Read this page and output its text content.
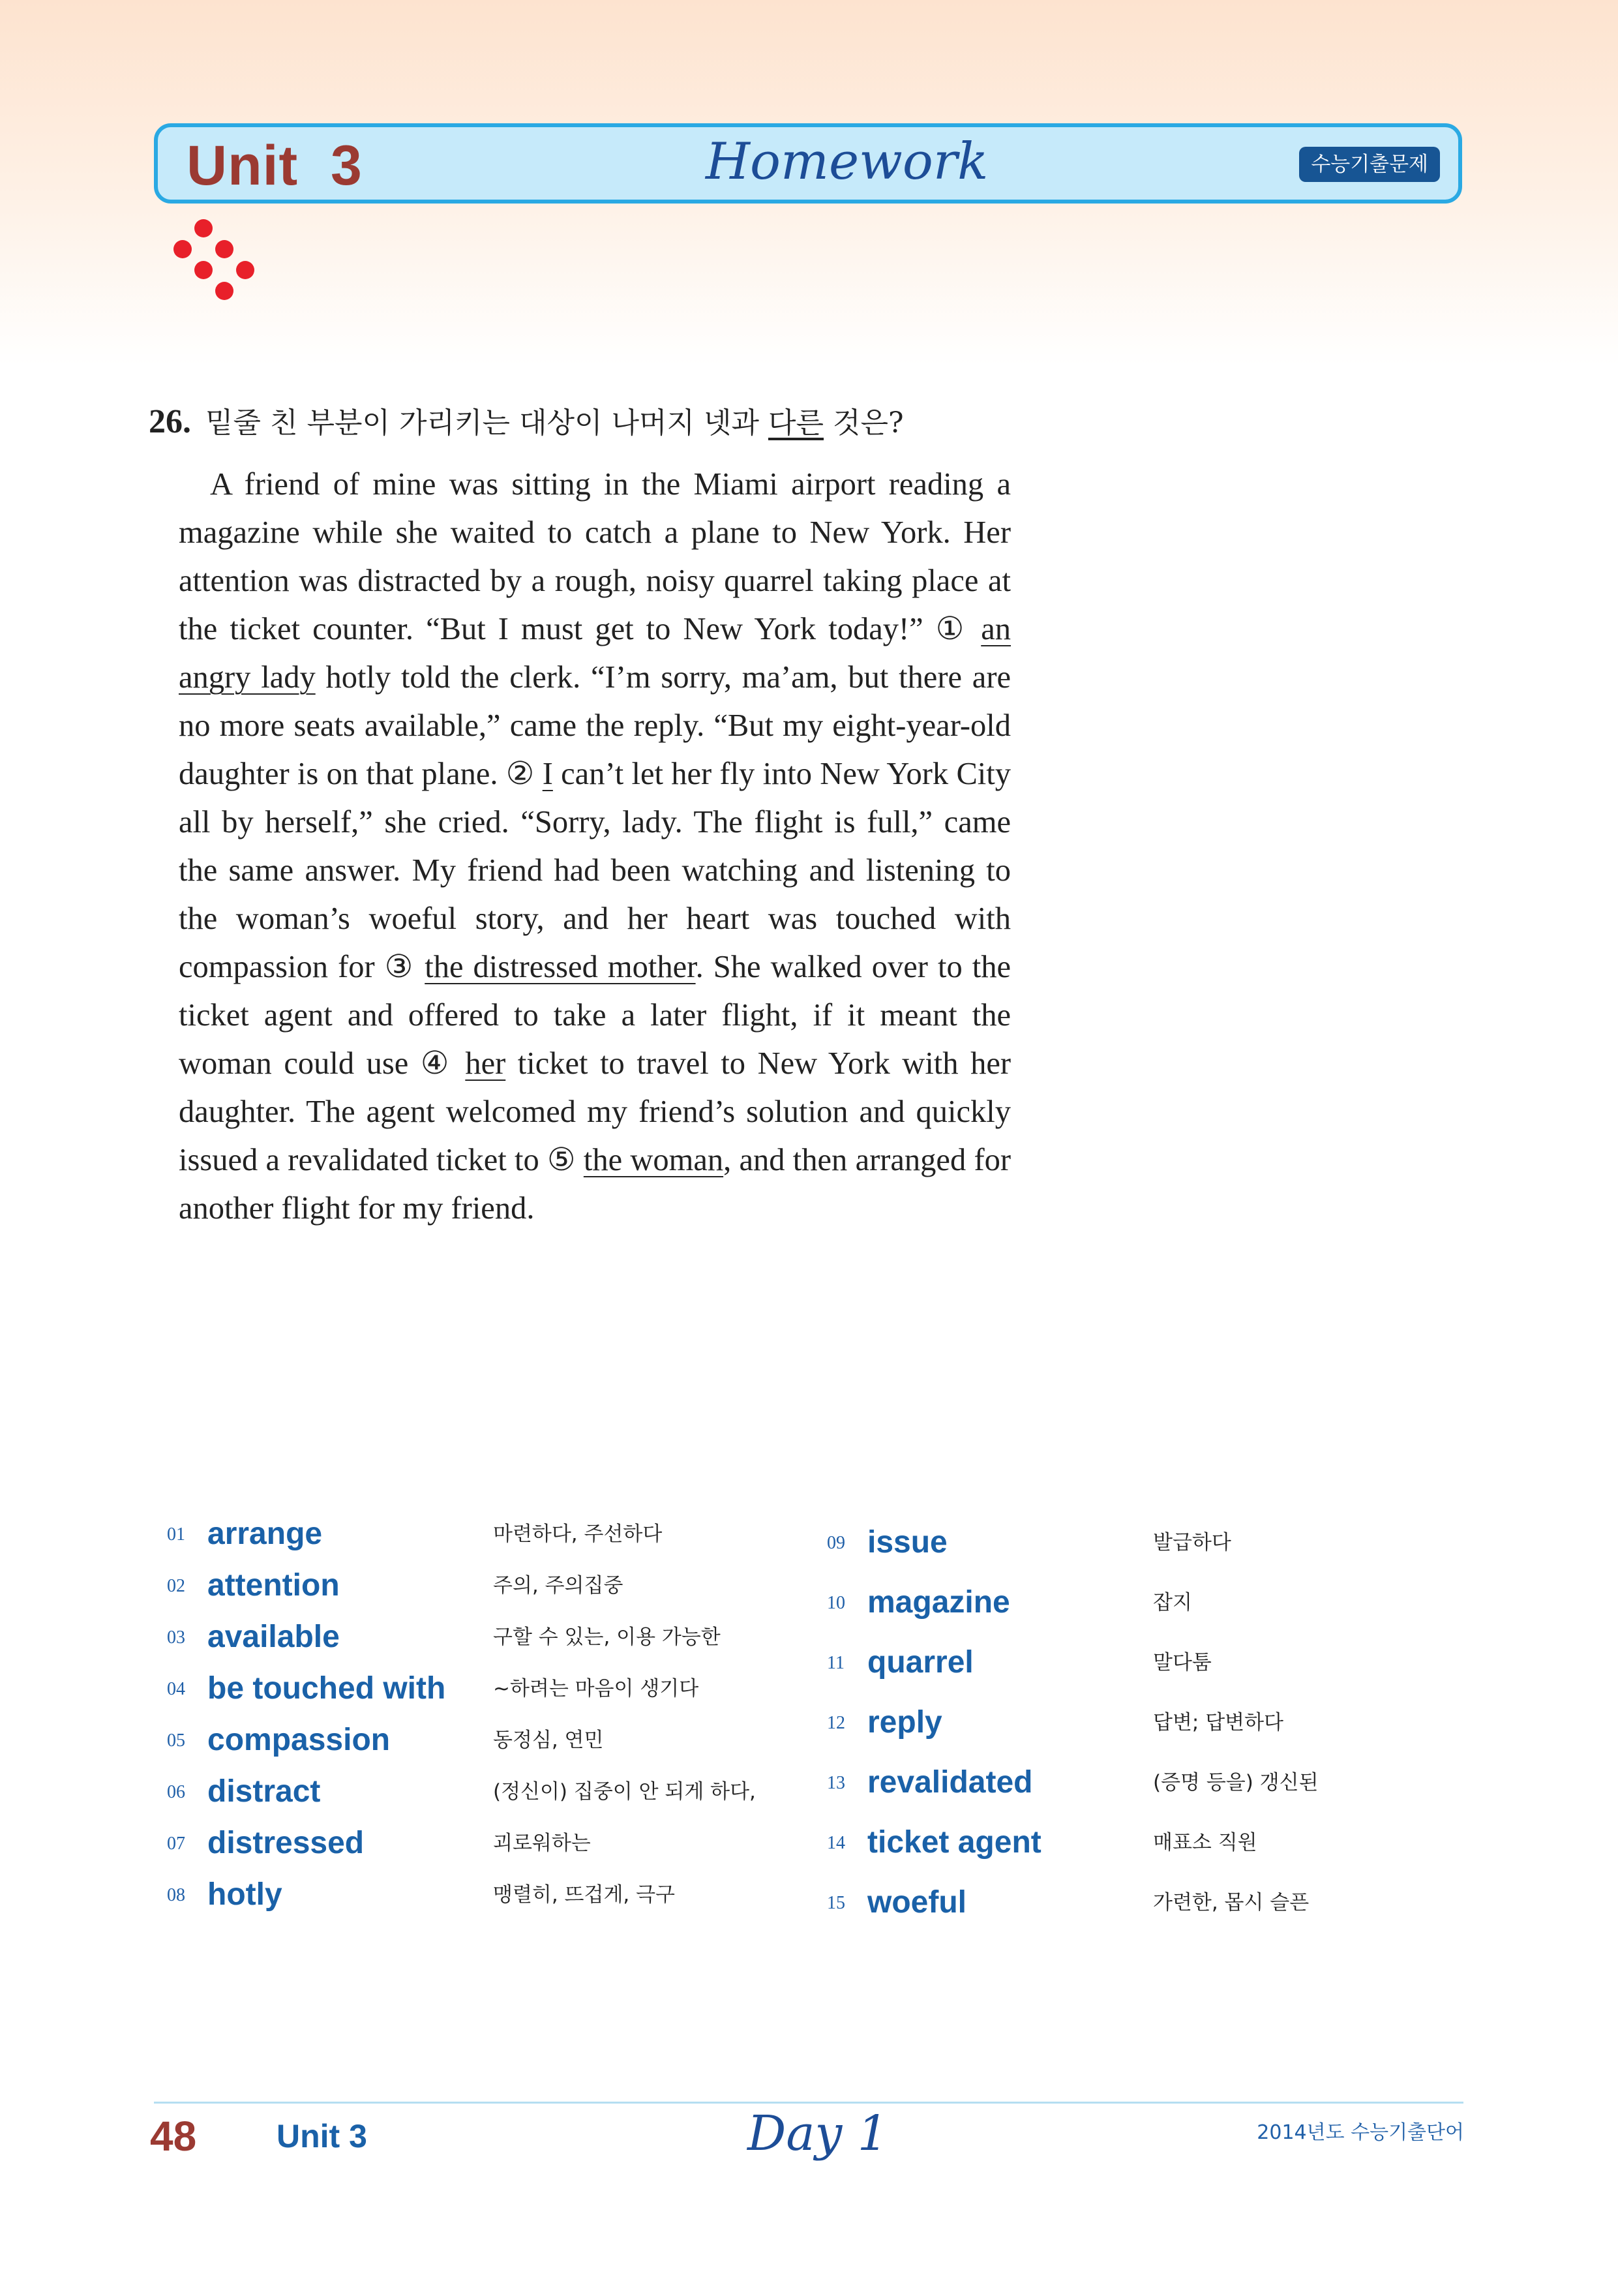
Unit  3	Homework	수능기출문제
26. 밑줄 친 부분이 가리키는 대상이 나머지 넷과 다른 것은?

A friend of mine was sitting in the Miami airport reading a magazine while she waited to catch a plane to New York. Her attention was distracted by a rough, noisy quarrel taking place at the ticket counter. “But I must get to New York today!” ① an angry lady hotly told the clerk. “I’m sorry, ma’am, but there are no more seats available,” came the reply. “But my eight-year-old daughter is on that plane. ② I can’t let her fly into New York City all by herself,” she cried. “Sorry, lady. The flight is full,” came the same answer. My friend had been watching and listening to the woman’s woeful story, and her heart was touched with compassion for ③ the distressed mother. She walked over to the ticket agent and offered to take a later flight, if it meant the woman could use ④ her ticket to travel to New York with her daughter. The agent welcomed my friend’s solution and quickly issued a revalidated ticket to ⑤ the woman, and then arranged for another flight for my friend.

01 arrange	마련하다, 주선하다
02 attention	주의, 주의집중
03 available	구할 수 있는, 이용 가능한
04 be touched with ~하려는 마음이 생기다
05 compassion	동정심, 연민
06 distract	(정신이) 집중이 안 되게 하다,
07 distressed	괴로워하는
08 hotly	맹렬히, 뜨겁게, 극구
09 issue	발급하다
10 magazine	잡지
11 quarrel	말다툼
12 reply	답변; 답변하다
13 revalidated	(증명 등을) 갱신된
14 ticket agent	매표소 직원
15 woeful	가련한, 몹시 슬픈
48 Unit 3	Day 1	2014년도 수능기출단어
